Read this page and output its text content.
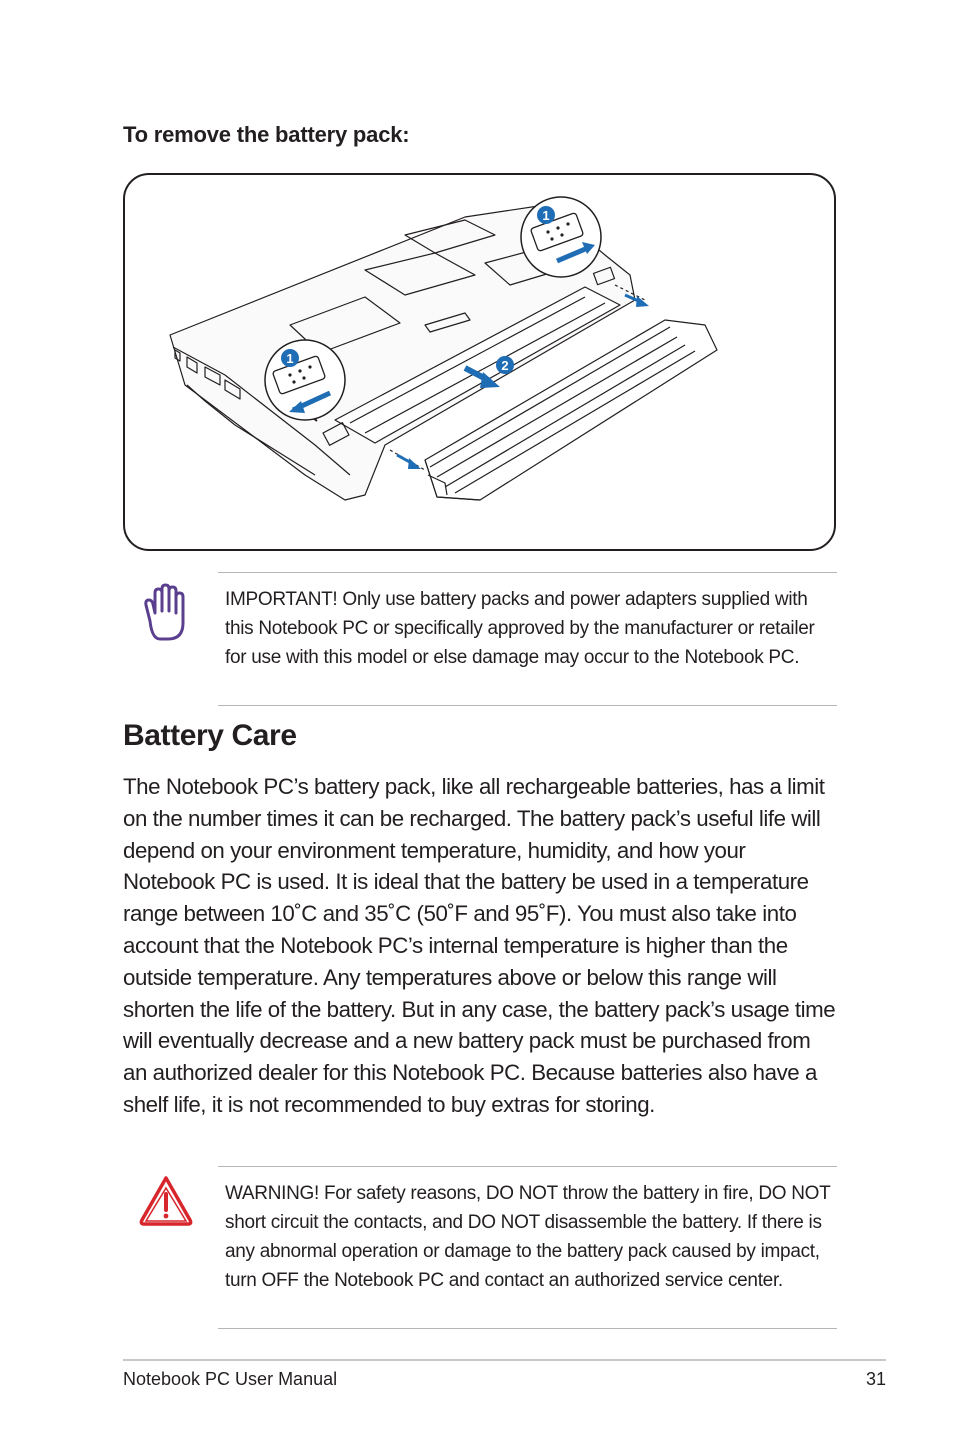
To remove the battery pack:
1
1	2
IMPORTANT! Only use battery packs and power adapters supplied with this Notebook PC or specifically approved by the manufacturer or retailer for use with this model or else damage may occur to the Notebook PC.
Battery Care

The Notebook PC’s battery pack, like all rechargeable batteries, has a limit on the number times it can be recharged. The battery pack’s useful life will depend on your environment temperature, humidity, and how your Notebook PC is used. It is ideal that the battery be used in a temperature range between 10˚C and 35˚C (50˚F and 95˚F). You must also take into account that the Notebook PC’s internal temperature is higher than the outside temperature. Any temperatures above or below this range will shorten the life of the battery. But in any case, the battery pack’s usage time will eventually decrease and a new battery pack must be purchased from an authorized dealer for this Notebook PC. Because batteries also have a shelf life, it is not recommended to buy extras for storing.

WARNING! For safety reasons, DO NOT throw the battery in fire, DO NOT short circuit the contacts, and DO NOT disassemble the battery. If there is any abnormal operation or damage to the battery pack caused by impact, turn OFF the Notebook PC and contact an authorized service center.
Notebook PC User Manual	31
